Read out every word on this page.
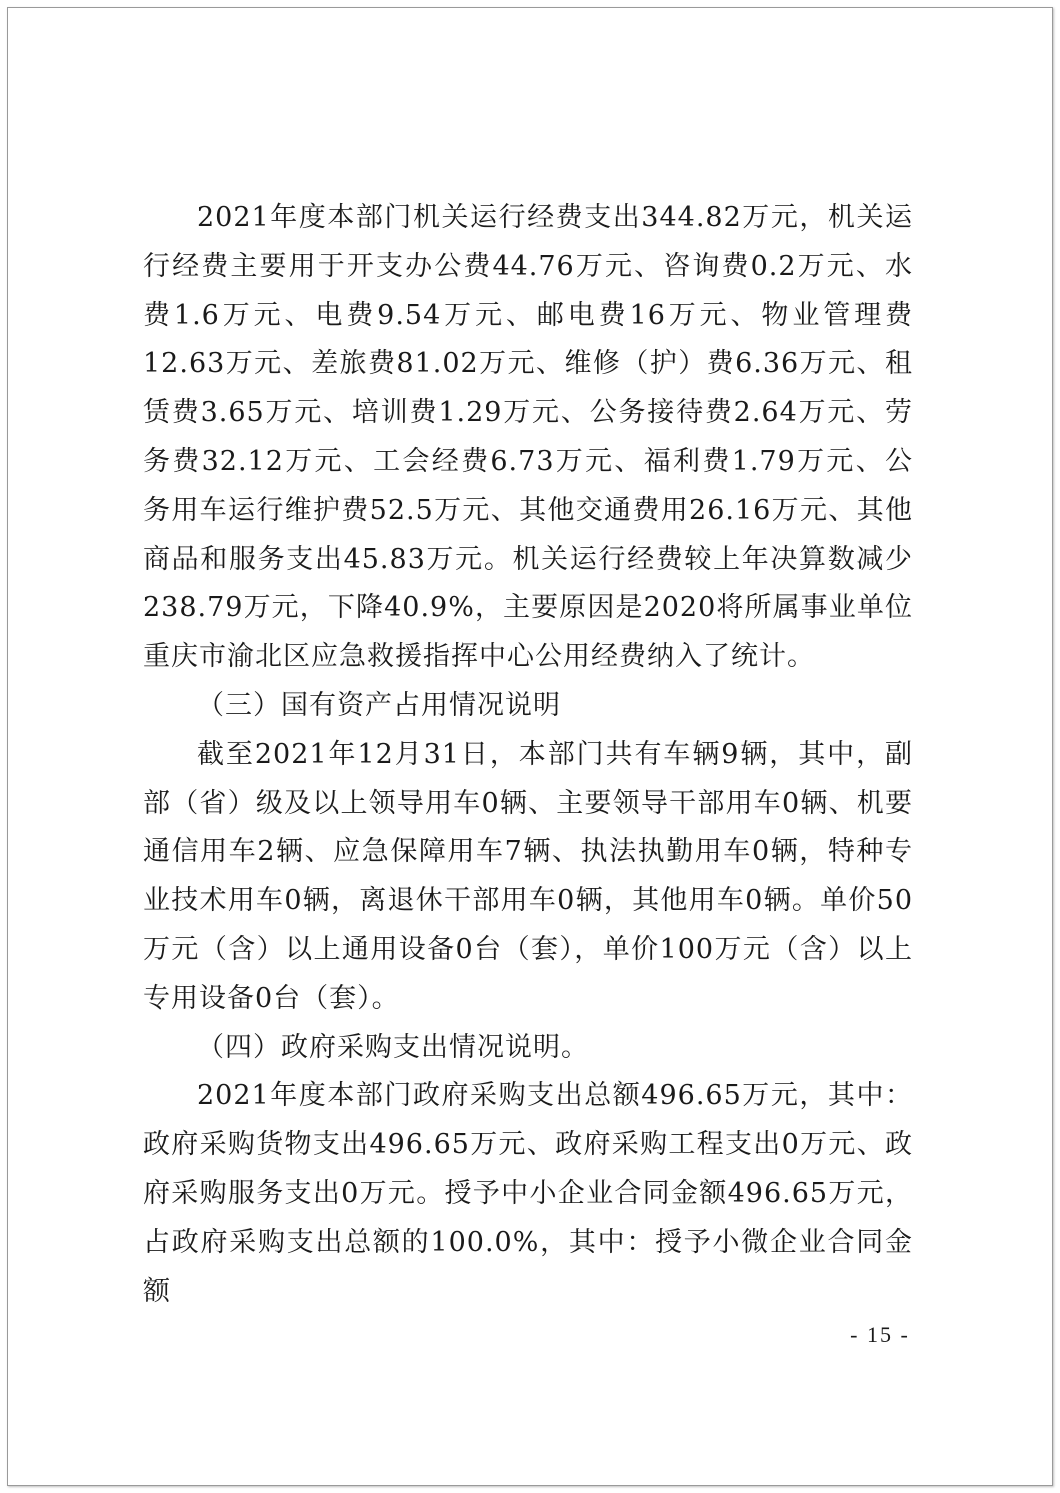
2021年度本部门机关运行经费支出344.82万元，机关运行经费主要用于开支办公费44.76万元、咨询费0.2万元、水费1.6万元、电费9.54万元、邮电费16万元、物业管理费12.63万元、差旅费81.02万元、维修（护）费6.36万元、租赁费3.65万元、培训费1.29万元、公务接待费2.64万元、劳务费32.12万元、工会经费6.73万元、福利费1.79万元、公务用车运行维护费52.5万元、其他交通费用26.16万元、其他商品和服务支出45.83万元。机关运行经费较上年决算数减少238.79万元，下降40.9%，主要原因是2020将所属事业单位重庆市渝北区应急救援指挥中心公用经费纳入了统计。

（三）国有资产占用情况说明

截至2021年12月31日，本部门共有车辆9辆，其中，副部（省）级及以上领导用车0辆、主要领导干部用车0辆、机要通信用车2辆、应急保障用车7辆、执法执勤用车0辆，特种专业技术用车0辆，离退休干部用车0辆，其他用车0辆。单价50万元（含）以上通用设备0台（套），单价100万元（含）以上专用设备0台（套）。

（四）政府采购支出情况说明。

2021年度本部门政府采购支出总额496.65万元，其中：政府采购货物支出496.65万元、政府采购工程支出0万元、政府采购服务支出0万元。授予中小企业合同金额496.65万元，占政府采购支出总额的100.0%，其中：授予小微企业合同金额

- 15 -
